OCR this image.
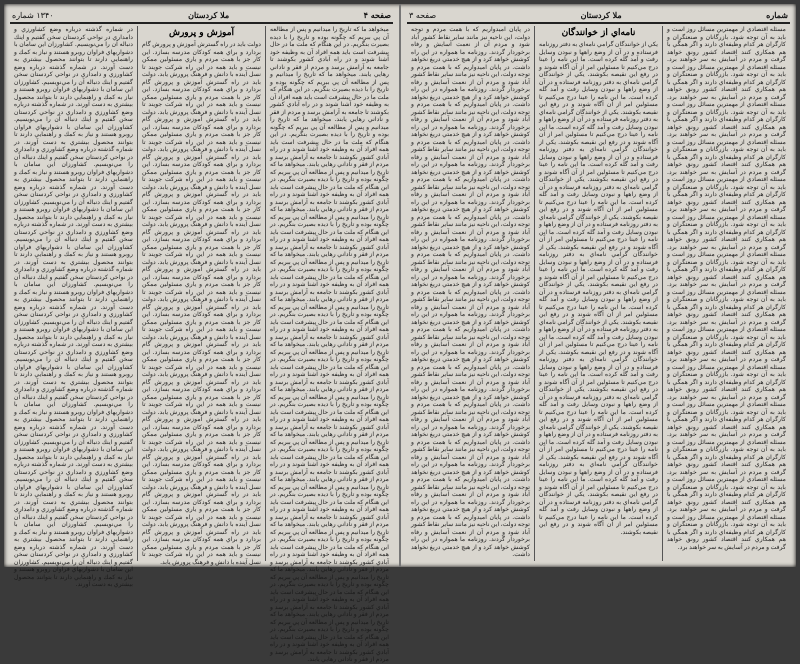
صفحه ۴
ملا كردستان
۱۳۴۰ شماره

ميخواهد ما كه تاريخ را ميدانيم و پس از مطالعه آن پي ببريم كه چگونه بوده و تاريخ را با ديده بصيرت بنگريم. در اين هنگام كه ملت ما در حال پيشرفت است بايد همه افراد آن به وظيفه خود آشنا شوند و در راه آبادي كشور بكوشند تا جامعه به آرامش برسد و مردم از فقر و ناداني رهايي يابند. ميخواهد ما كه تاريخ را ميدانيم و پس از مطالعه آن پي ببريم كه چگونه بوده و تاريخ را با ديده بصيرت بنگريم. در اين هنگام كه ملت ما در حال پيشرفت است بايد همه افراد آن به وظيفه خود آشنا شوند و در راه آبادي كشور بكوشند تا جامعه به آرامش برسد و مردم از فقر و ناداني رهايي يابند. ميخواهد ما كه تاريخ را ميدانيم و پس از مطالعه آن پي ببريم كه چگونه بوده و تاريخ را با ديده بصيرت بنگريم. در اين هنگام كه ملت ما در حال پيشرفت است بايد همه افراد آن به وظيفه خود آشنا شوند و در راه آبادي كشور بكوشند تا جامعه به آرامش برسد و مردم از فقر و ناداني رهايي يابند. ميخواهد ما كه تاريخ را ميدانيم و پس از مطالعه آن پي ببريم كه چگونه بوده و تاريخ را با ديده بصيرت بنگريم. در اين هنگام كه ملت ما در حال پيشرفت است بايد همه افراد آن به وظيفه خود آشنا شوند و در راه آبادي كشور بكوشند تا جامعه به آرامش برسد و مردم از فقر و ناداني رهايي يابند. ميخواهد ما كه تاريخ را ميدانيم و پس از مطالعه آن پي ببريم كه چگونه بوده و تاريخ را با ديده بصيرت بنگريم. در اين هنگام كه ملت ما در حال پيشرفت است بايد همه افراد آن به وظيفه خود آشنا شوند و در راه آبادي كشور بكوشند تا جامعه به آرامش برسد و مردم از فقر و ناداني رهايي يابند. ميخواهد ما كه تاريخ را ميدانيم و پس از مطالعه آن پي ببريم كه چگونه بوده و تاريخ را با ديده بصيرت بنگريم. در اين هنگام كه ملت ما در حال پيشرفت است بايد همه افراد آن به وظيفه خود آشنا شوند و در راه آبادي كشور بكوشند تا جامعه به آرامش برسد و مردم از فقر و ناداني رهايي يابند. ميخواهد ما كه تاريخ را ميدانيم و پس از مطالعه آن پي ببريم كه چگونه بوده و تاريخ را با ديده بصيرت بنگريم. در اين هنگام كه ملت ما در حال پيشرفت است بايد همه افراد آن به وظيفه خود آشنا شوند و در راه آبادي كشور بكوشند تا جامعه به آرامش برسد و مردم از فقر و ناداني رهايي يابند. ميخواهد ما كه تاريخ را ميدانيم و پس از مطالعه آن پي ببريم كه چگونه بوده و تاريخ را با ديده بصيرت بنگريم. در اين هنگام كه ملت ما در حال پيشرفت است بايد همه افراد آن به وظيفه خود آشنا شوند و در راه آبادي كشور بكوشند تا جامعه به آرامش برسد و مردم از فقر و ناداني رهايي يابند. ميخواهد ما كه تاريخ را ميدانيم و پس از مطالعه آن پي ببريم كه چگونه بوده و تاريخ را با ديده بصيرت بنگريم. در اين هنگام كه ملت ما در حال پيشرفت است بايد همه افراد آن به وظيفه خود آشنا شوند و در راه آبادي كشور بكوشند تا جامعه به آرامش برسد و مردم از فقر و ناداني رهايي يابند. ميخواهد ما كه تاريخ را ميدانيم و پس از مطالعه آن پي ببريم كه چگونه بوده و تاريخ را با ديده بصيرت بنگريم. در اين هنگام كه ملت ما در حال پيشرفت است بايد همه افراد آن به وظيفه خود آشنا شوند و در راه آبادي كشور بكوشند تا جامعه به آرامش برسد و مردم از فقر و ناداني رهايي يابند. ميخواهد ما كه تاريخ را ميدانيم و پس از مطالعه آن پي ببريم كه چگونه بوده و تاريخ را با ديده بصيرت بنگريم. در اين هنگام كه ملت ما در حال پيشرفت است بايد همه افراد آن به وظيفه خود آشنا شوند و در راه آبادي كشور بكوشند تا جامعه به آرامش برسد و مردم از فقر و ناداني رهايي يابند. ميخواهد ما كه تاريخ را ميدانيم و پس از مطالعه آن پي ببريم كه چگونه بوده و تاريخ را با ديده بصيرت بنگريم. در اين هنگام كه ملت ما در حال پيشرفت است بايد همه افراد آن به وظيفه خود آشنا شوند و در راه آبادي كشور بكوشند تا جامعه به آرامش برسد و مردم از فقر و ناداني رهايي يابند. ميخواهد ما كه تاريخ را ميدانيم و پس از مطالعه آن پي ببريم كه چگونه بوده و تاريخ را با ديده بصيرت بنگريم. در اين هنگام كه ملت ما در حال پيشرفت است بايد همه افراد آن به وظيفه خود آشنا شوند و در راه آبادي كشور بكوشند تا جامعه به آرامش برسد و مردم از فقر و ناداني رهايي يابند. ميخواهد ما كه تاريخ را ميدانيم و پس از مطالعه آن پي ببريم كه چگونه بوده و تاريخ را با ديده بصيرت بنگريم. در اين هنگام كه ملت ما در حال پيشرفت است بايد همه افراد آن به وظيفه خود آشنا شوند و در راه آبادي كشور بكوشند تا جامعه به آرامش برسد و مردم از فقر و ناداني رهايي يابند.

آموزش و پرورش

دولت بايد در راه گسترش آموزش و پرورش گام بردارد و براي همه كودكان مدرسه بسازد. اين كار جز با همت مردم و ياري مسئولين ممكن نيست و بايد همه در اين راه شركت جويند تا نسل آينده با دانش و فرهنگ پرورش يابد. دولت بايد در راه گسترش آموزش و پرورش گام بردارد و براي همه كودكان مدرسه بسازد. اين كار جز با همت مردم و ياري مسئولين ممكن نيست و بايد همه در اين راه شركت جويند تا نسل آينده با دانش و فرهنگ پرورش يابد. دولت بايد در راه گسترش آموزش و پرورش گام بردارد و براي همه كودكان مدرسه بسازد. اين كار جز با همت مردم و ياري مسئولين ممكن نيست و بايد همه در اين راه شركت جويند تا نسل آينده با دانش و فرهنگ پرورش يابد. دولت بايد در راه گسترش آموزش و پرورش گام بردارد و براي همه كودكان مدرسه بسازد. اين كار جز با همت مردم و ياري مسئولين ممكن نيست و بايد همه در اين راه شركت جويند تا نسل آينده با دانش و فرهنگ پرورش يابد. دولت بايد در راه گسترش آموزش و پرورش گام بردارد و براي همه كودكان مدرسه بسازد. اين كار جز با همت مردم و ياري مسئولين ممكن نيست و بايد همه در اين راه شركت جويند تا نسل آينده با دانش و فرهنگ پرورش يابد. دولت بايد در راه گسترش آموزش و پرورش گام بردارد و براي همه كودكان مدرسه بسازد. اين كار جز با همت مردم و ياري مسئولين ممكن نيست و بايد همه در اين راه شركت جويند تا نسل آينده با دانش و فرهنگ پرورش يابد. دولت بايد در راه گسترش آموزش و پرورش گام بردارد و براي همه كودكان مدرسه بسازد. اين كار جز با همت مردم و ياري مسئولين ممكن نيست و بايد همه در اين راه شركت جويند تا نسل آينده با دانش و فرهنگ پرورش يابد. دولت بايد در راه گسترش آموزش و پرورش گام بردارد و براي همه كودكان مدرسه بسازد. اين كار جز با همت مردم و ياري مسئولين ممكن نيست و بايد همه در اين راه شركت جويند تا نسل آينده با دانش و فرهنگ پرورش يابد. دولت بايد در راه گسترش آموزش و پرورش گام بردارد و براي همه كودكان مدرسه بسازد. اين كار جز با همت مردم و ياري مسئولين ممكن نيست و بايد همه در اين راه شركت جويند تا نسل آينده با دانش و فرهنگ پرورش يابد. دولت بايد در راه گسترش آموزش و پرورش گام بردارد و براي همه كودكان مدرسه بسازد. اين كار جز با همت مردم و ياري مسئولين ممكن نيست و بايد همه در اين راه شركت جويند تا نسل آينده با دانش و فرهنگ پرورش يابد. دولت بايد در راه گسترش آموزش و پرورش گام بردارد و براي همه كودكان مدرسه بسازد. اين كار جز با همت مردم و ياري مسئولين ممكن نيست و بايد همه در اين راه شركت جويند تا نسل آينده با دانش و فرهنگ پرورش يابد. دولت بايد در راه گسترش آموزش و پرورش گام بردارد و براي همه كودكان مدرسه بسازد. اين كار جز با همت مردم و ياري مسئولين ممكن نيست و بايد همه در اين راه شركت جويند تا نسل آينده با دانش و فرهنگ پرورش يابد. دولت بايد در راه گسترش آموزش و پرورش گام بردارد و براي همه كودكان مدرسه بسازد. اين كار جز با همت مردم و ياري مسئولين ممكن نيست و بايد همه در اين راه شركت جويند تا نسل آينده با دانش و فرهنگ پرورش يابد. دولت بايد در راه گسترش آموزش و پرورش گام بردارد و براي همه كودكان مدرسه بسازد. اين كار جز با همت مردم و ياري مسئولين ممكن نيست و بايد همه در اين راه شركت جويند تا نسل آينده با دانش و فرهنگ پرورش يابد.

در شماره گذشته درباره وضع كشاورزي و دامداري در نواحي كردستان سخن گفتيم و اينك دنباله آن را مي‌نويسيم. كشاورزان اين سامان با دشواريهاي فراوان روبرو هستند و نياز به كمك و راهنمايي دارند تا بتوانند محصول بيشتري به دست آورند. در شماره گذشته درباره وضع كشاورزي و دامداري در نواحي كردستان سخن گفتيم و اينك دنباله آن را مي‌نويسيم. كشاورزان اين سامان با دشواريهاي فراوان روبرو هستند و نياز به كمك و راهنمايي دارند تا بتوانند محصول بيشتري به دست آورند. در شماره گذشته درباره وضع كشاورزي و دامداري در نواحي كردستان سخن گفتيم و اينك دنباله آن را مي‌نويسيم. كشاورزان اين سامان با دشواريهاي فراوان روبرو هستند و نياز به كمك و راهنمايي دارند تا بتوانند محصول بيشتري به دست آورند. در شماره گذشته درباره وضع كشاورزي و دامداري در نواحي كردستان سخن گفتيم و اينك دنباله آن را مي‌نويسيم. كشاورزان اين سامان با دشواريهاي فراوان روبرو هستند و نياز به كمك و راهنمايي دارند تا بتوانند محصول بيشتري به دست آورند. در شماره گذشته درباره وضع كشاورزي و دامداري در نواحي كردستان سخن گفتيم و اينك دنباله آن را مي‌نويسيم. كشاورزان اين سامان با دشواريهاي فراوان روبرو هستند و نياز به كمك و راهنمايي دارند تا بتوانند محصول بيشتري به دست آورند. در شماره گذشته درباره وضع كشاورزي و دامداري در نواحي كردستان سخن گفتيم و اينك دنباله آن را مي‌نويسيم. كشاورزان اين سامان با دشواريهاي فراوان روبرو هستند و نياز به كمك و راهنمايي دارند تا بتوانند محصول بيشتري به دست آورند. در شماره گذشته درباره وضع كشاورزي و دامداري در نواحي كردستان سخن گفتيم و اينك دنباله آن را مي‌نويسيم. كشاورزان اين سامان با دشواريهاي فراوان روبرو هستند و نياز به كمك و راهنمايي دارند تا بتوانند محصول بيشتري به دست آورند. در شماره گذشته درباره وضع كشاورزي و دامداري در نواحي كردستان سخن گفتيم و اينك دنباله آن را مي‌نويسيم. كشاورزان اين سامان با دشواريهاي فراوان روبرو هستند و نياز به كمك و راهنمايي دارند تا بتوانند محصول بيشتري به دست آورند. در شماره گذشته درباره وضع كشاورزي و دامداري در نواحي كردستان سخن گفتيم و اينك دنباله آن را مي‌نويسيم. كشاورزان اين سامان با دشواريهاي فراوان روبرو هستند و نياز به كمك و راهنمايي دارند تا بتوانند محصول بيشتري به دست آورند. در شماره گذشته درباره وضع كشاورزي و دامداري در نواحي كردستان سخن گفتيم و اينك دنباله آن را مي‌نويسيم. كشاورزان اين سامان با دشواريهاي فراوان روبرو هستند و نياز به كمك و راهنمايي دارند تا بتوانند محصول بيشتري به دست آورند. در شماره گذشته درباره وضع كشاورزي و دامداري در نواحي كردستان سخن گفتيم و اينك دنباله آن را مي‌نويسيم. كشاورزان اين سامان با دشواريهاي فراوان روبرو هستند و نياز به كمك و راهنمايي دارند تا بتوانند محصول بيشتري به دست آورند. در شماره گذشته درباره وضع كشاورزي و دامداري در نواحي كردستان سخن گفتيم و اينك دنباله آن را مي‌نويسيم. كشاورزان اين سامان با دشواريهاي فراوان روبرو هستند و نياز به كمك و راهنمايي دارند تا بتوانند محصول بيشتري به دست آورند. در شماره گذشته درباره وضع كشاورزي و دامداري در نواحي كردستان سخن گفتيم و اينك دنباله آن را مي‌نويسيم. كشاورزان اين سامان با دشواريهاي فراوان روبرو هستند و نياز به كمك و راهنمايي دارند تا بتوانند محصول بيشتري به دست آورند. در شماره گذشته درباره وضع كشاورزي و دامداري در نواحي كردستان سخن گفتيم و اينك دنباله آن را مي‌نويسيم. كشاورزان اين سامان با دشواريهاي فراوان روبرو هستند و نياز به كمك و راهنمايي دارند تا بتوانند محصول بيشتري به دست آورند.

شماره
ملا كردستان
صفحه ۳

مسئله اقتصادي از مهمترين مسائل روز است و بايد به آن توجه شود. بازرگانان و صنعتگران و كارگران هر كدام وظيفه‌اي دارند و اگر همگي با هم همكاري كنند اقتصاد كشور رونق خواهد گرفت و مردم در آسايش به سر خواهند برد. مسئله اقتصادي از مهمترين مسائل روز است و بايد به آن توجه شود. بازرگانان و صنعتگران و كارگران هر كدام وظيفه‌اي دارند و اگر همگي با هم همكاري كنند اقتصاد كشور رونق خواهد گرفت و مردم در آسايش به سر خواهند برد. مسئله اقتصادي از مهمترين مسائل روز است و بايد به آن توجه شود. بازرگانان و صنعتگران و كارگران هر كدام وظيفه‌اي دارند و اگر همگي با هم همكاري كنند اقتصاد كشور رونق خواهد گرفت و مردم در آسايش به سر خواهند برد. مسئله اقتصادي از مهمترين مسائل روز است و بايد به آن توجه شود. بازرگانان و صنعتگران و كارگران هر كدام وظيفه‌اي دارند و اگر همگي با هم همكاري كنند اقتصاد كشور رونق خواهد گرفت و مردم در آسايش به سر خواهند برد. مسئله اقتصادي از مهمترين مسائل روز است و بايد به آن توجه شود. بازرگانان و صنعتگران و كارگران هر كدام وظيفه‌اي دارند و اگر همگي با هم همكاري كنند اقتصاد كشور رونق خواهد گرفت و مردم در آسايش به سر خواهند برد. مسئله اقتصادي از مهمترين مسائل روز است و بايد به آن توجه شود. بازرگانان و صنعتگران و كارگران هر كدام وظيفه‌اي دارند و اگر همگي با هم همكاري كنند اقتصاد كشور رونق خواهد گرفت و مردم در آسايش به سر خواهند برد. مسئله اقتصادي از مهمترين مسائل روز است و بايد به آن توجه شود. بازرگانان و صنعتگران و كارگران هر كدام وظيفه‌اي دارند و اگر همگي با هم همكاري كنند اقتصاد كشور رونق خواهد گرفت و مردم در آسايش به سر خواهند برد. مسئله اقتصادي از مهمترين مسائل روز است و بايد به آن توجه شود. بازرگانان و صنعتگران و كارگران هر كدام وظيفه‌اي دارند و اگر همگي با هم همكاري كنند اقتصاد كشور رونق خواهد گرفت و مردم در آسايش به سر خواهند برد. مسئله اقتصادي از مهمترين مسائل روز است و بايد به آن توجه شود. بازرگانان و صنعتگران و كارگران هر كدام وظيفه‌اي دارند و اگر همگي با هم همكاري كنند اقتصاد كشور رونق خواهد گرفت و مردم در آسايش به سر خواهند برد. مسئله اقتصادي از مهمترين مسائل روز است و بايد به آن توجه شود. بازرگانان و صنعتگران و كارگران هر كدام وظيفه‌اي دارند و اگر همگي با هم همكاري كنند اقتصاد كشور رونق خواهد گرفت و مردم در آسايش به سر خواهند برد. مسئله اقتصادي از مهمترين مسائل روز است و بايد به آن توجه شود. بازرگانان و صنعتگران و كارگران هر كدام وظيفه‌اي دارند و اگر همگي با هم همكاري كنند اقتصاد كشور رونق خواهد گرفت و مردم در آسايش به سر خواهند برد. مسئله اقتصادي از مهمترين مسائل روز است و بايد به آن توجه شود. بازرگانان و صنعتگران و كارگران هر كدام وظيفه‌اي دارند و اگر همگي با هم همكاري كنند اقتصاد كشور رونق خواهد گرفت و مردم در آسايش به سر خواهند برد. مسئله اقتصادي از مهمترين مسائل روز است و بايد به آن توجه شود. بازرگانان و صنعتگران و كارگران هر كدام وظيفه‌اي دارند و اگر همگي با هم همكاري كنند اقتصاد كشور رونق خواهد گرفت و مردم در آسايش به سر خواهند برد. مسئله اقتصادي از مهمترين مسائل روز است و بايد به آن توجه شود. بازرگانان و صنعتگران و كارگران هر كدام وظيفه‌اي دارند و اگر همگي با هم همكاري كنند اقتصاد كشور رونق خواهد گرفت و مردم در آسايش به سر خواهند برد.

نامه‌اي از خوانندگان

يكي از خوانندگان گرامي نامه‌اي به دفتر روزنامه فرستاده و در آن از وضع راهها و نبودن وسايل رفت و آمد گله كرده است. ما اين نامه را عينا درج مي‌كنيم تا مسئولين امر از آن آگاه شوند و در رفع اين نقيصه بكوشند. يكي از خوانندگان گرامي نامه‌اي به دفتر روزنامه فرستاده و در آن از وضع راهها و نبودن وسايل رفت و آمد گله كرده است. ما اين نامه را عينا درج مي‌كنيم تا مسئولين امر از آن آگاه شوند و در رفع اين نقيصه بكوشند. يكي از خوانندگان گرامي نامه‌اي به دفتر روزنامه فرستاده و در آن از وضع راهها و نبودن وسايل رفت و آمد گله كرده است. ما اين نامه را عينا درج مي‌كنيم تا مسئولين امر از آن آگاه شوند و در رفع اين نقيصه بكوشند. يكي از خوانندگان گرامي نامه‌اي به دفتر روزنامه فرستاده و در آن از وضع راهها و نبودن وسايل رفت و آمد گله كرده است. ما اين نامه را عينا درج مي‌كنيم تا مسئولين امر از آن آگاه شوند و در رفع اين نقيصه بكوشند. يكي از خوانندگان گرامي نامه‌اي به دفتر روزنامه فرستاده و در آن از وضع راهها و نبودن وسايل رفت و آمد گله كرده است. ما اين نامه را عينا درج مي‌كنيم تا مسئولين امر از آن آگاه شوند و در رفع اين نقيصه بكوشند. يكي از خوانندگان گرامي نامه‌اي به دفتر روزنامه فرستاده و در آن از وضع راهها و نبودن وسايل رفت و آمد گله كرده است. ما اين نامه را عينا درج مي‌كنيم تا مسئولين امر از آن آگاه شوند و در رفع اين نقيصه بكوشند. يكي از خوانندگان گرامي نامه‌اي به دفتر روزنامه فرستاده و در آن از وضع راهها و نبودن وسايل رفت و آمد گله كرده است. ما اين نامه را عينا درج مي‌كنيم تا مسئولين امر از آن آگاه شوند و در رفع اين نقيصه بكوشند. يكي از خوانندگان گرامي نامه‌اي به دفتر روزنامه فرستاده و در آن از وضع راهها و نبودن وسايل رفت و آمد گله كرده است. ما اين نامه را عينا درج مي‌كنيم تا مسئولين امر از آن آگاه شوند و در رفع اين نقيصه بكوشند. يكي از خوانندگان گرامي نامه‌اي به دفتر روزنامه فرستاده و در آن از وضع راهها و نبودن وسايل رفت و آمد گله كرده است. ما اين نامه را عينا درج مي‌كنيم تا مسئولين امر از آن آگاه شوند و در رفع اين نقيصه بكوشند. يكي از خوانندگان گرامي نامه‌اي به دفتر روزنامه فرستاده و در آن از وضع راهها و نبودن وسايل رفت و آمد گله كرده است. ما اين نامه را عينا درج مي‌كنيم تا مسئولين امر از آن آگاه شوند و در رفع اين نقيصه بكوشند. يكي از خوانندگان گرامي نامه‌اي به دفتر روزنامه فرستاده و در آن از وضع راهها و نبودن وسايل رفت و آمد گله كرده است. ما اين نامه را عينا درج مي‌كنيم تا مسئولين امر از آن آگاه شوند و در رفع اين نقيصه بكوشند. يكي از خوانندگان گرامي نامه‌اي به دفتر روزنامه فرستاده و در آن از وضع راهها و نبودن وسايل رفت و آمد گله كرده است. ما اين نامه را عينا درج مي‌كنيم تا مسئولين امر از آن آگاه شوند و در رفع اين نقيصه بكوشند. يكي از خوانندگان گرامي نامه‌اي به دفتر روزنامه فرستاده و در آن از وضع راهها و نبودن وسايل رفت و آمد گله كرده است. ما اين نامه را عينا درج مي‌كنيم تا مسئولين امر از آن آگاه شوند و در رفع اين نقيصه بكوشند. يكي از خوانندگان گرامي نامه‌اي به دفتر روزنامه فرستاده و در آن از وضع راهها و نبودن وسايل رفت و آمد گله كرده است. ما اين نامه را عينا درج مي‌كنيم تا مسئولين امر از آن آگاه شوند و در رفع اين نقيصه بكوشند.

در پايان اميدواريم كه با همت مردم و توجه دولت، اين ناحيه نيز مانند ساير نقاط كشور آباد شود و مردم آن از نعمت آسايش و رفاه برخوردار گردند. روزنامه ما همواره در اين راه كوشش خواهد كرد و از هيچ خدمتي دريغ نخواهد داشت. در پايان اميدواريم كه با همت مردم و توجه دولت، اين ناحيه نيز مانند ساير نقاط كشور آباد شود و مردم آن از نعمت آسايش و رفاه برخوردار گردند. روزنامه ما همواره در اين راه كوشش خواهد كرد و از هيچ خدمتي دريغ نخواهد داشت. در پايان اميدواريم كه با همت مردم و توجه دولت، اين ناحيه نيز مانند ساير نقاط كشور آباد شود و مردم آن از نعمت آسايش و رفاه برخوردار گردند. روزنامه ما همواره در اين راه كوشش خواهد كرد و از هيچ خدمتي دريغ نخواهد داشت. در پايان اميدواريم كه با همت مردم و توجه دولت، اين ناحيه نيز مانند ساير نقاط كشور آباد شود و مردم آن از نعمت آسايش و رفاه برخوردار گردند. روزنامه ما همواره در اين راه كوشش خواهد كرد و از هيچ خدمتي دريغ نخواهد داشت. در پايان اميدواريم كه با همت مردم و توجه دولت، اين ناحيه نيز مانند ساير نقاط كشور آباد شود و مردم آن از نعمت آسايش و رفاه برخوردار گردند. روزنامه ما همواره در اين راه كوشش خواهد كرد و از هيچ خدمتي دريغ نخواهد داشت. در پايان اميدواريم كه با همت مردم و توجه دولت، اين ناحيه نيز مانند ساير نقاط كشور آباد شود و مردم آن از نعمت آسايش و رفاه برخوردار گردند. روزنامه ما همواره در اين راه كوشش خواهد كرد و از هيچ خدمتي دريغ نخواهد داشت. در پايان اميدواريم كه با همت مردم و توجه دولت، اين ناحيه نيز مانند ساير نقاط كشور آباد شود و مردم آن از نعمت آسايش و رفاه برخوردار گردند. روزنامه ما همواره در اين راه كوشش خواهد كرد و از هيچ خدمتي دريغ نخواهد داشت. در پايان اميدواريم كه با همت مردم و توجه دولت، اين ناحيه نيز مانند ساير نقاط كشور آباد شود و مردم آن از نعمت آسايش و رفاه برخوردار گردند. روزنامه ما همواره در اين راه كوشش خواهد كرد و از هيچ خدمتي دريغ نخواهد داشت. در پايان اميدواريم كه با همت مردم و توجه دولت، اين ناحيه نيز مانند ساير نقاط كشور آباد شود و مردم آن از نعمت آسايش و رفاه برخوردار گردند. روزنامه ما همواره در اين راه كوشش خواهد كرد و از هيچ خدمتي دريغ نخواهد داشت. در پايان اميدواريم كه با همت مردم و توجه دولت، اين ناحيه نيز مانند ساير نقاط كشور آباد شود و مردم آن از نعمت آسايش و رفاه برخوردار گردند. روزنامه ما همواره در اين راه كوشش خواهد كرد و از هيچ خدمتي دريغ نخواهد داشت. در پايان اميدواريم كه با همت مردم و توجه دولت، اين ناحيه نيز مانند ساير نقاط كشور آباد شود و مردم آن از نعمت آسايش و رفاه برخوردار گردند. روزنامه ما همواره در اين راه كوشش خواهد كرد و از هيچ خدمتي دريغ نخواهد داشت. در پايان اميدواريم كه با همت مردم و توجه دولت، اين ناحيه نيز مانند ساير نقاط كشور آباد شود و مردم آن از نعمت آسايش و رفاه برخوردار گردند. روزنامه ما همواره در اين راه كوشش خواهد كرد و از هيچ خدمتي دريغ نخواهد داشت. در پايان اميدواريم كه با همت مردم و توجه دولت، اين ناحيه نيز مانند ساير نقاط كشور آباد شود و مردم آن از نعمت آسايش و رفاه برخوردار گردند. روزنامه ما همواره در اين راه كوشش خواهد كرد و از هيچ خدمتي دريغ نخواهد داشت. در پايان اميدواريم كه با همت مردم و توجه دولت، اين ناحيه نيز مانند ساير نقاط كشور آباد شود و مردم آن از نعمت آسايش و رفاه برخوردار گردند. روزنامه ما همواره در اين راه كوشش خواهد كرد و از هيچ خدمتي دريغ نخواهد داشت.
